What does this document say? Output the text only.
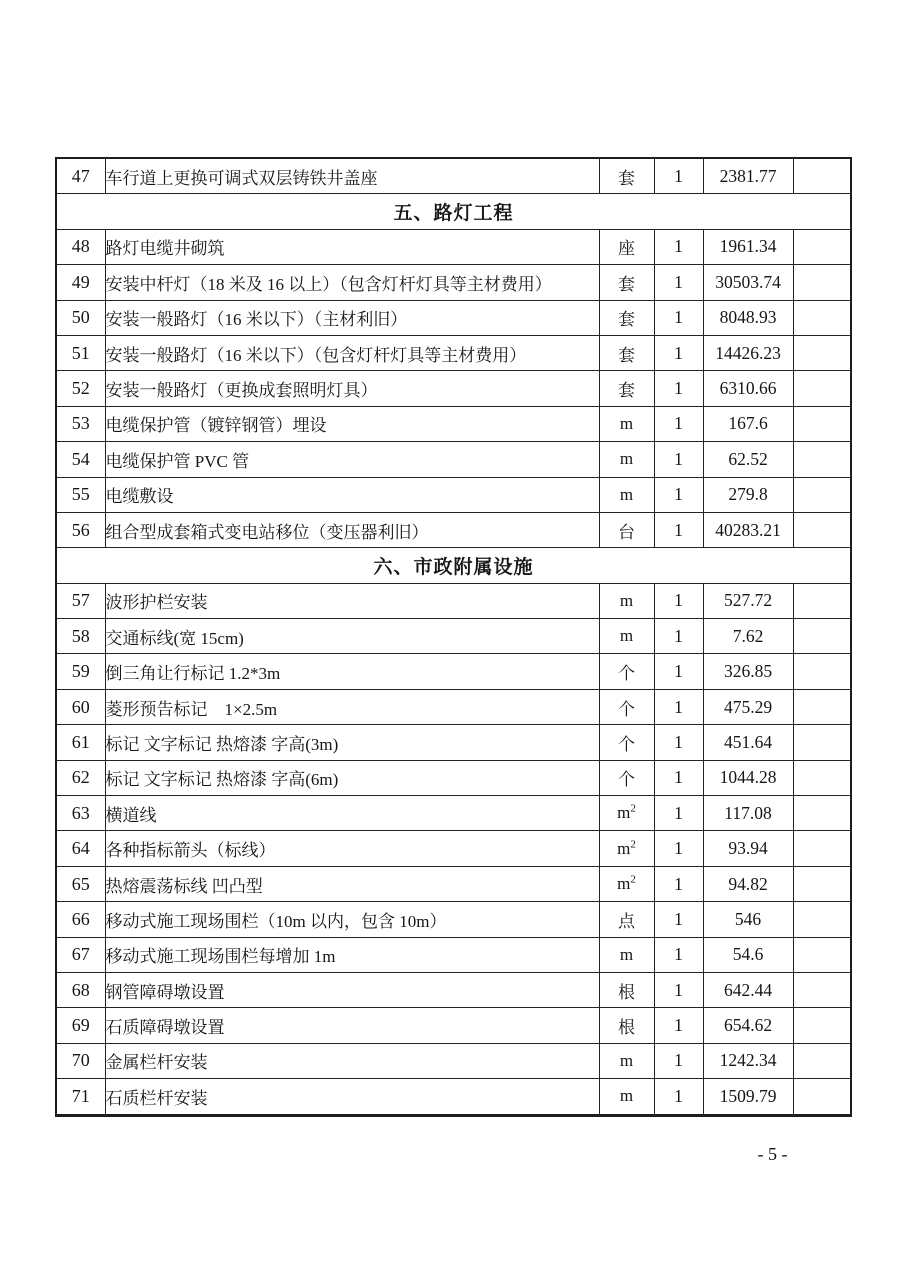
47	车行道上更换可调式双层铸铁井盖座	套	1	2381.77	
五、路灯工程					
48	路灯电缆井砌筑	座	1	1961.34	
49	安装中杆灯（18 米及 16 以上）（包含灯杆灯具等主材费用）	套	1	30503.74	
50	安装一般路灯（16 米以下）（主材利旧）	套	1	8048.93	
51	安装一般路灯（16 米以下）（包含灯杆灯具等主材费用）	套	1	14426.23	
52	安装一般路灯（更换成套照明灯具）	套	1	6310.66	
53	电缆保护管（镀锌钢管）埋设	m	1	167.6	
54	电缆保护管 PVC 管	m	1	62.52	
55	电缆敷设	m	1	279.8	
56	组合型成套箱式变电站移位（变压器利旧）	台	1	40283.21	
六、市政附属设施					
57	波形护栏安装	m	1	527.72	
58	交通标线(宽 15cm)	m	1	7.62	
59	倒三角让行标记 1.2*3m	个	1	326.85	
60	菱形预告标记　1×2.5m	个	1	475.29	
61	标记 文字标记 热熔漆 字高(3m)	个	1	451.64	
62	标记 文字标记 热熔漆 字高(6m)	个	1	1044.28	
63	横道线	$m^2$	1	117.08	
64	各种指标箭头（标线）	$m^2$	1	93.94	
65	热熔震荡标线 凹凸型	$m^2$	1	94.82	
66	移动式施工现场围栏（10m 以内，包含 10m）	点	1	546	
67	移动式施工现场围栏每增加 1m	m	1	54.6	
68	钢管障碍墩设置	根	1	642.44	
69	石质障碍墩设置	根	1	654.62	
70	金属栏杆安装	m	1	1242.34	
71	石质栏杆安装	m	1	1509.79	
- 5 -
